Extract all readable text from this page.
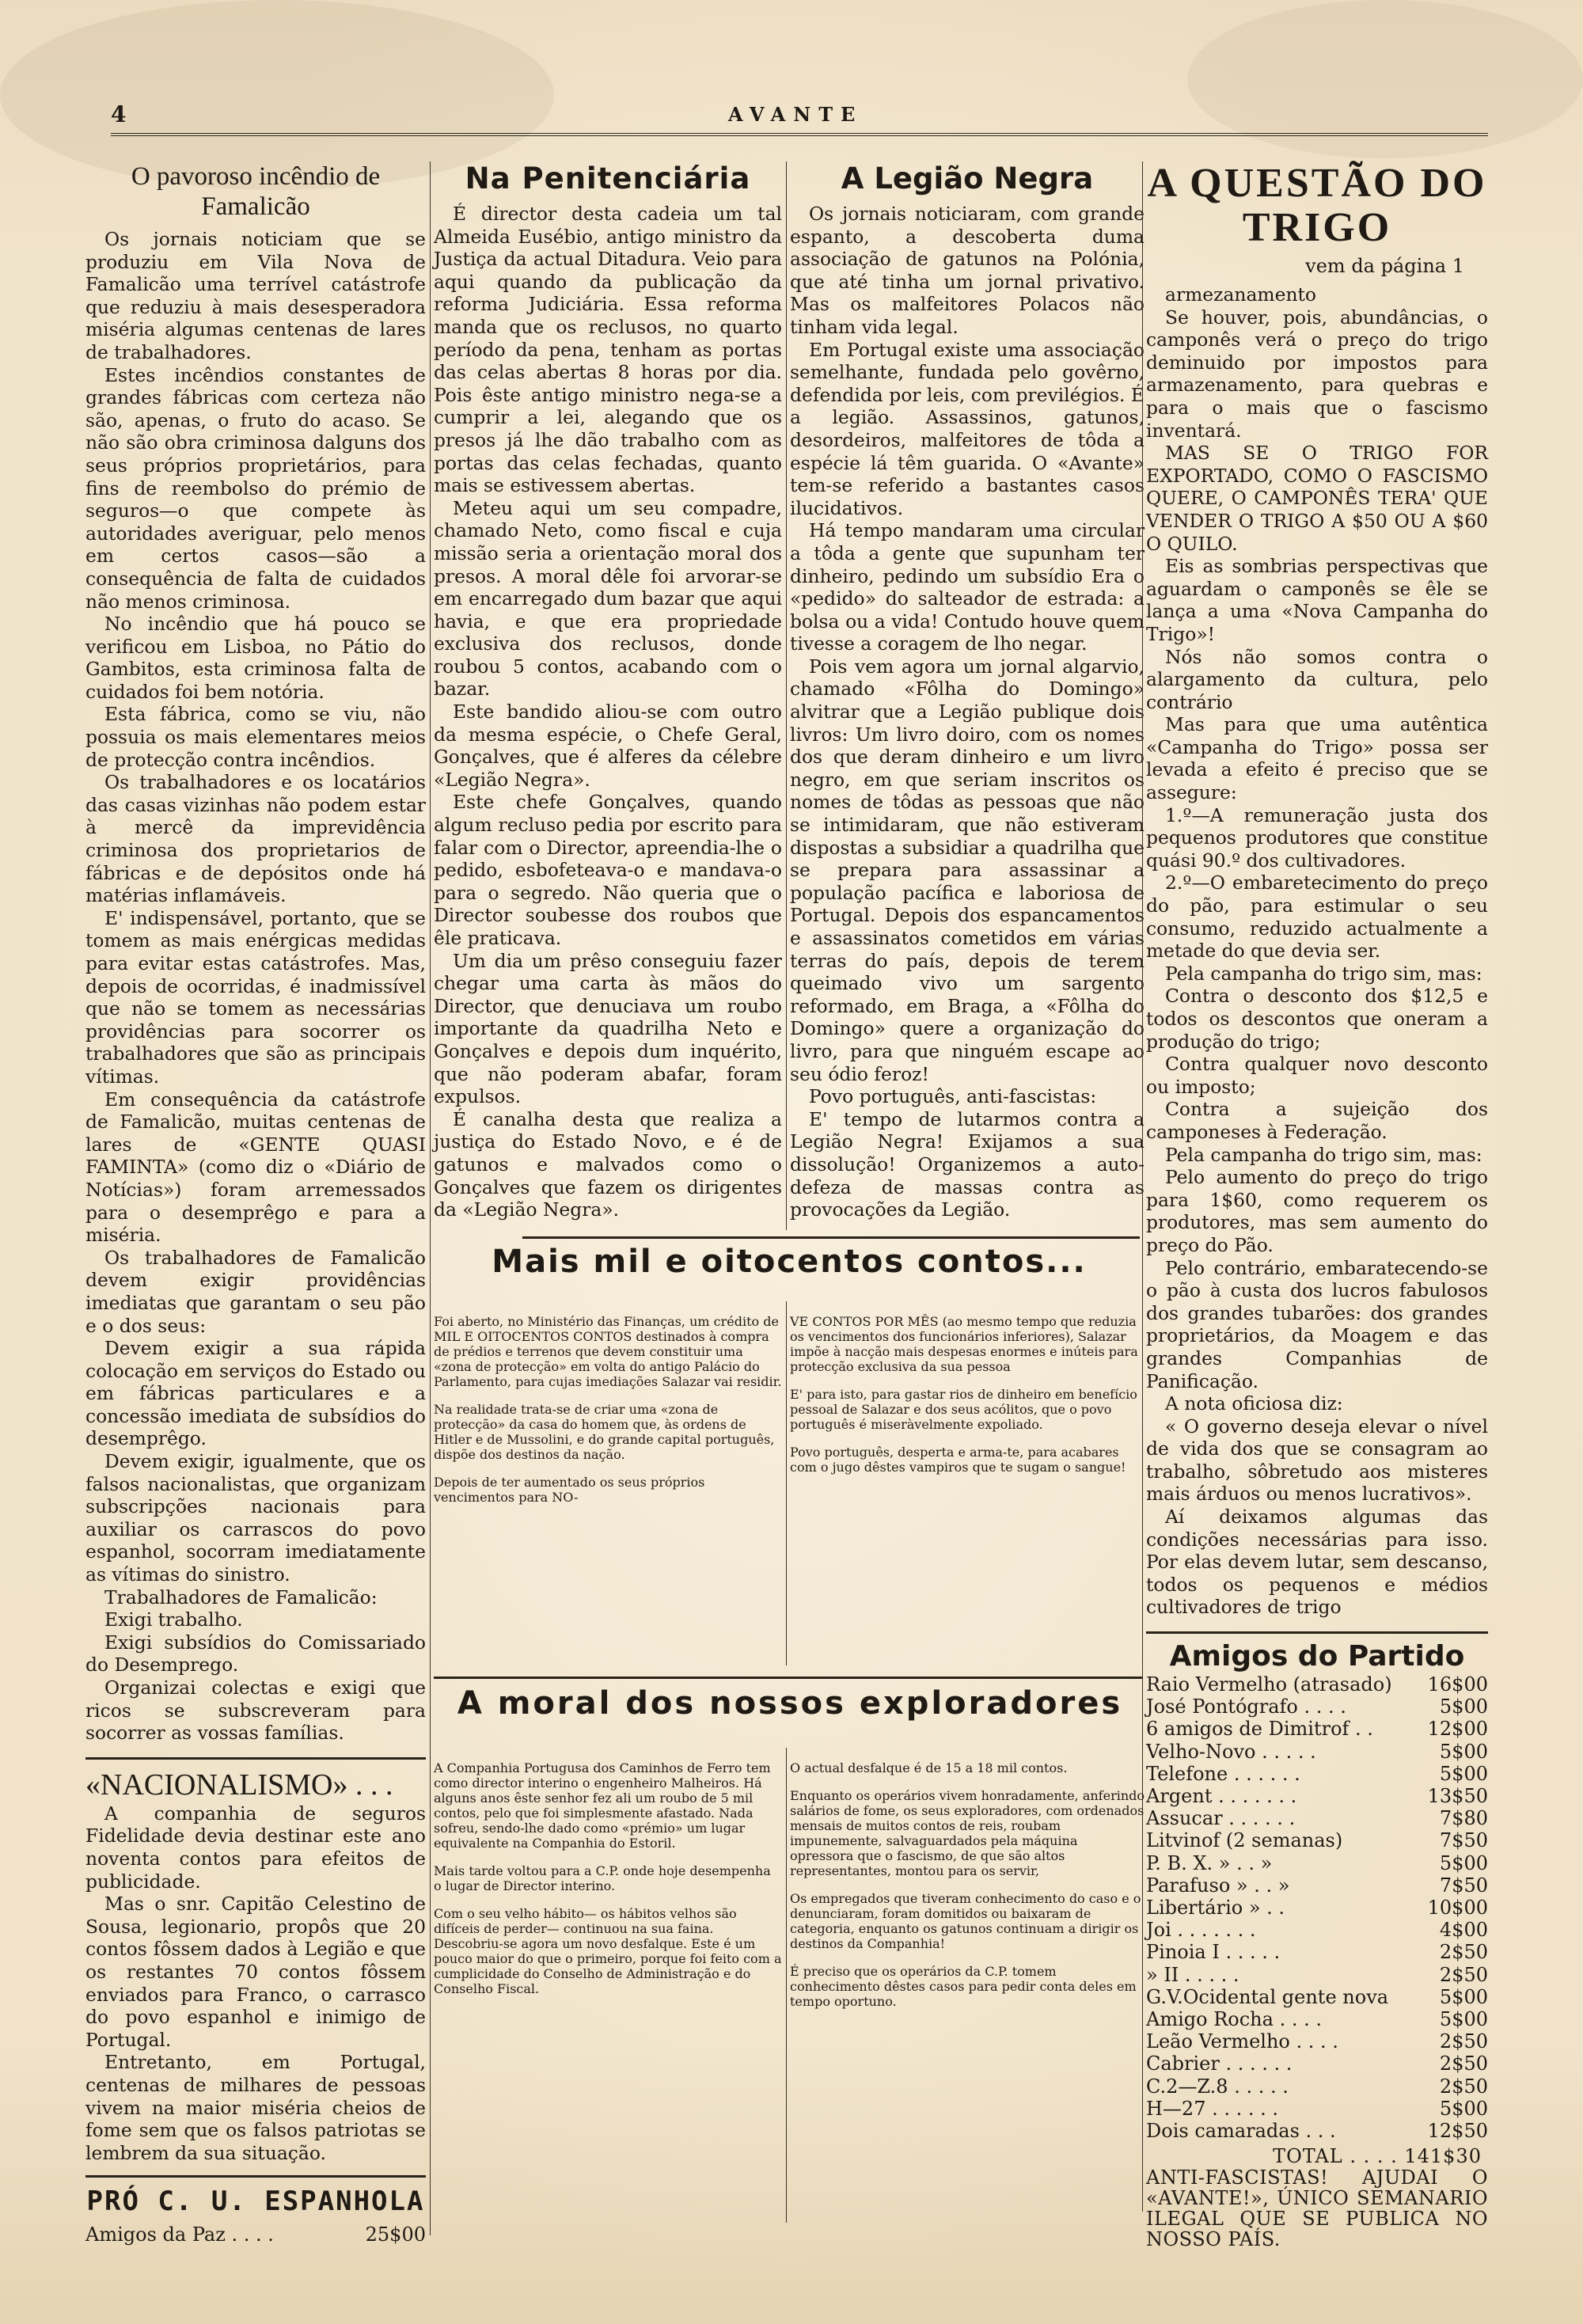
4	AVANTE
O pavoroso incêndio de Famalicão

Os jornais noticiam que se produziu em Vila Nova de Famalicão uma terrível catástrofe que reduziu à mais desesperadora miséria algumas centenas de lares de trabalhadores.

Estes incêndios constantes de grandes fábricas com certeza não são, apenas, o fruto do acaso. Se não são obra criminosa dalguns dos seus próprios proprietários, para fins de reembolso do prémio de seguros—o que compete às autoridades averiguar, pelo menos em certos casos—são a consequência de falta de cuidados não menos criminosa.

No incêndio que há pouco se verificou em Lisboa, no Pátio do Gambitos, esta criminosa falta de cuidados foi bem notória.

Esta fábrica, como se viu, não possuia os mais elementares meios de protecção contra incêndios.

Os trabalhadores e os locatários das casas vizinhas não podem estar à mercê da imprevidência criminosa dos proprietarios de fábricas e de depósitos onde há matérias inflamáveis.

E' indispensável, portanto, que se tomem as mais enérgicas medidas para evitar estas catástrofes. Mas, depois de ocorridas, é inadmissível que não se tomem as necessárias providências para socorrer os trabalhadores que são as principais vítimas.

Em consequência da catástrofe de Famalicão, muitas centenas de lares de «GENTE QUASI FAMINTA» (como diz o «Diário de Notícias») foram arremessados para o desemprêgo e para a miséria.

Os trabalhadores de Famalicão devem exigir providências imediatas que garantam o seu pão e o dos seus:

Devem exigir a sua rápida colocação em serviços do Estado ou em fábricas particulares e a concessão imediata de subsídios do desemprêgo.

Devem exigir, igualmente, que os falsos nacionalistas, que organizam subscripções nacionais para auxiliar os carrascos do povo espanhol, socorram imediatamente as vítimas do sinistro.

Trabalhadores de Famalicão:

Exigi trabalho.

Exigi subsídios do Comissariado do Desemprego.

Organizai colectas e exigi que ricos se subscreveram para socorrer as vossas famílias.

«NACIONALISMO» . . .

A companhia de seguros Fidelidade devia destinar este ano noventa contos para efeitos de publicidade.

Mas o snr. Capitão Celestino de Sousa, legionario, propôs que 20 contos fôssem dados à Legião e que os restantes 70 contos fôssem enviados para Franco, o carrasco do povo espanhol e inimigo de Portugal.

Entretanto, em Portugal, centenas de milhares de pessoas vivem na maior miséria cheios de fome sem que os falsos patriotas se lembrem da sua situação.

PRÓ C. U. ESPANHOLA
Amigos da Paz . . . .	25$00
Na Penitenciária

É director desta cadeia um tal Almeida Eusébio, antigo ministro da Justiça da actual Ditadura. Veio para aqui quando da publicação da reforma Judiciária. Essa reforma manda que os reclusos, no quarto período da pena, tenham as portas das celas abertas 8 horas por dia. Pois êste antigo ministro nega-se a cumprir a lei, alegando que os presos já lhe dão trabalho com as portas das celas fechadas, quanto mais se estivessem abertas.

Meteu aqui um seu compadre, chamado Neto, como fiscal e cuja missão seria a orientação moral dos presos. A moral dêle foi arvorar-se em encarregado dum bazar que aqui havia, e que era propriedade exclusiva dos reclusos, donde roubou 5 contos, acabando com o bazar.

Este bandido aliou-se com outro da mesma espécie, o Chefe Geral, Gonçalves, que é alferes da célebre «Legião Negra».

Este chefe Gonçalves, quando algum recluso pedia por escrito para falar com o Director, apreendia-lhe o pedido, esbofeteava-o e mandava-o para o segredo. Não queria que o Director soubesse dos roubos que êle praticava.

Um dia um prêso conseguiu fazer chegar uma carta às mãos do Director, que denuciava um roubo importante da quadrilha Neto e Gonçalves e depois dum inquérito, que não poderam abafar, foram expulsos.

É canalha desta que realiza a justiça do Estado Novo, e é de gatunos e malvados como o Gonçalves que fazem os dirigentes da «Legião Negra».

A Legião Negra

Os jornais noticiaram, com grande espanto, a descoberta duma associação de gatunos na Polónia, que até tinha um jornal privativo. Mas os malfeitores Polacos não tinham vida legal.

Em Portugal existe uma associação semelhante, fundada pelo govêrno, defendida por leis, com previlégios. É a legião. Assassinos, gatunos, desordeiros, malfeitores de tôda a espécie lá têm guarida. O «Avante» tem-se referido a bastantes casos ilucidativos.

Há tempo mandaram uma circular a tôda a gente que supunham ter dinheiro, pedindo um subsídio Era o «pedido» do salteador de estrada: a bolsa ou a vida! Contudo houve quem tivesse a coragem de lho negar.

Pois vem agora um jornal algarvio, chamado «Fôlha do Domingo» alvitrar que a Legião publique dois livros: Um livro doiro, com os nomes dos que deram dinheiro e um livro negro, em que seriam inscritos os nomes de tôdas as pessoas que não se intimidaram, que não estiveram dispostas a subsidiar a quadrilha que se prepara para assassinar a população pacífica e laboriosa de Portugal. Depois dos espancamentos e assassinatos cometidos em várias terras do país, depois de terem queimado vivo um sargento reformado, em Braga, a «Fôlha do Domingo» quere a organização do livro, para que ninguém escape ao seu ódio feroz!

Povo português, anti-fascistas:

E' tempo de lutarmos contra a Legião Negra! Exijamos a sua dissolução! Organizemos a auto-defeza de massas contra as provocações da Legião.

A QUESTÃO DO TRIGO
vem da página 1

armezanamento

Se houver, pois, abundâncias, o camponês verá o preço do trigo deminuido por impostos para armazenamento, para quebras e para o mais que o fascismo inventará.

MAS SE O TRIGO FOR EXPORTADO, COMO O FASCISMO QUERE, O CAMPONÊS TERA' QUE VENDER O TRIGO A $50 OU A $60 O QUILO.

Eis as sombrias perspectivas que aguardam o camponês se êle se lança a uma «Nova Campanha do Trigo»!

Nós não somos contra o alargamento da cultura, pelo contrário

Mas para que uma autêntica «Campanha do Trigo» possa ser levada a efeito é preciso que se assegure:

1.º—A remuneração justa dos pequenos produtores que constitue quási 90.º dos cultivadores.

2.º—O embaretecimento do preço do pão, para estimular o seu consumo, reduzido actualmente a metade do que devia ser.

Pela campanha do trigo sim, mas:

Contra o desconto dos $12,5 e todos os descontos que oneram a produção do trigo;

Contra qualquer novo desconto ou imposto;

Contra a sujeição dos camponeses à Federação.

Pela campanha do trigo sim, mas:

Pelo aumento do preço do trigo para 1$60, como requerem os produtores, mas sem aumento do preço do Pão.

Pelo contrário, embaratecendo-se o pão à custa dos lucros fabulosos dos grandes tubarões: dos grandes proprietários, da Moagem e das grandes Companhias de Panificação.

A nota oficiosa diz:

« O governo deseja elevar o nível de vida dos que se consagram ao trabalho, sôbretudo aos misteres mais árduos ou menos lucrativos».

Aí deixamos algumas das condições necessárias para isso. Por elas devem lutar, sem descanso, todos os pequenos e médios cultivadores de trigo

Amigos do Partido
Raio Vermelho (atrasado) 16$00
José Pontógrafo . . . .	5$00
6 amigos de Dimitrof . .	12$00
Velho-Novo . . . . .	5$00
Telefone . . . . . .	5$00
Argent . . . . . . .	13$50
Assucar . . . . . .	7$80
Litvinof (2 semanas)	7$50
P. B. X. » . . »	5$00
Parafuso » . . »	7$50
Libertário » . .	10$00
Joi . . . . . . .	4$00
Pinoia I . . . . .	2$50
» II . . . . .	2$50
G.V.Ocidental gente nova	5$00
Amigo Rocha . . . .	5$00
Leão Vermelho . . . .	2$50
Cabrier . . . . . .	2$50
C.2—Z.8 . . . . .	2$50
H—27 . . . . . .	5$00
Dois camaradas . . .	12$50
TOTAL . . . . 141$30
ANTI-FASCISTAS! AJUDAI O «AVANTE!», ÚNICO SEMANARIO ILEGAL QUE SE PUBLICA NO NOSSO PAÍS.
Mais mil e oitocentos contos...

Foi aberto, no Ministério das Finanças, um crédito de MIL E OITOCENTOS CONTOS destinados à compra de prédios e terrenos que devem constituir uma «zona de protecção» em volta do antigo Palácio do Parlamento, para cujas imediações Salazar vai residir.

Na realidade trata-se de criar uma «zona de protecção» da casa do homem que, às ordens de Hitler e de Mussolini, e do grande capital português, dispõe dos destinos da nação.

Depois de ter aumentado os seus próprios vencimentos para NO-

VE CONTOS POR MÊS (ao mesmo tempo que reduzia os vencimentos dos funcionários inferiores), Salazar impõe à nacção mais despesas enormes e inúteis para protecção exclusiva da sua pessoa

E' para isto, para gastar rios de dinheiro em benefício pessoal de Salazar e dos seus acólitos, que o povo português é miseràvelmente expoliado.

Povo português, desperta e arma-te, para acabares com o jugo dêstes vampiros que te sugam o sangue!

A moral dos nossos exploradores

A Companhia Portugusa dos Caminhos de Ferro tem como director interino o engenheiro Malheiros. Há alguns anos êste senhor fez ali um roubo de 5 mil contos, pelo que foi simplesmente afastado. Nada sofreu, sendo-lhe dado como «prémio» um lugar equivalente na Companhia do Estoril.

Mais tarde voltou para a C.P. onde hoje desempenha o lugar de Director interino.

Com o seu velho hábito— os hábitos velhos são difíceis de perder— continuou na sua faina. Descobriu-se agora um novo desfalque. Este é um pouco maior do que o primeiro, porque foi feito com a cumplicidade do Conselho de Administração e do Conselho Fiscal.

O actual desfalque é de 15 a 18 mil contos.

Enquanto os operários vivem honradamente, anferindo salários de fome, os seus exploradores, com ordenados mensais de muitos contos de reis, roubam impunemente, salvaguardados pela máquina opressora que o fascismo, de que são altos representantes, montou para os servir,

Os empregados que tiveram conhecimento do caso e o denunciaram, foram domitidos ou baixaram de categoria, enquanto os gatunos continuam a dirigir os destinos da Companhia!

É preciso que os operários da C.P. tomem conhecimento dêstes casos para pedir conta deles em tempo oportuno.
